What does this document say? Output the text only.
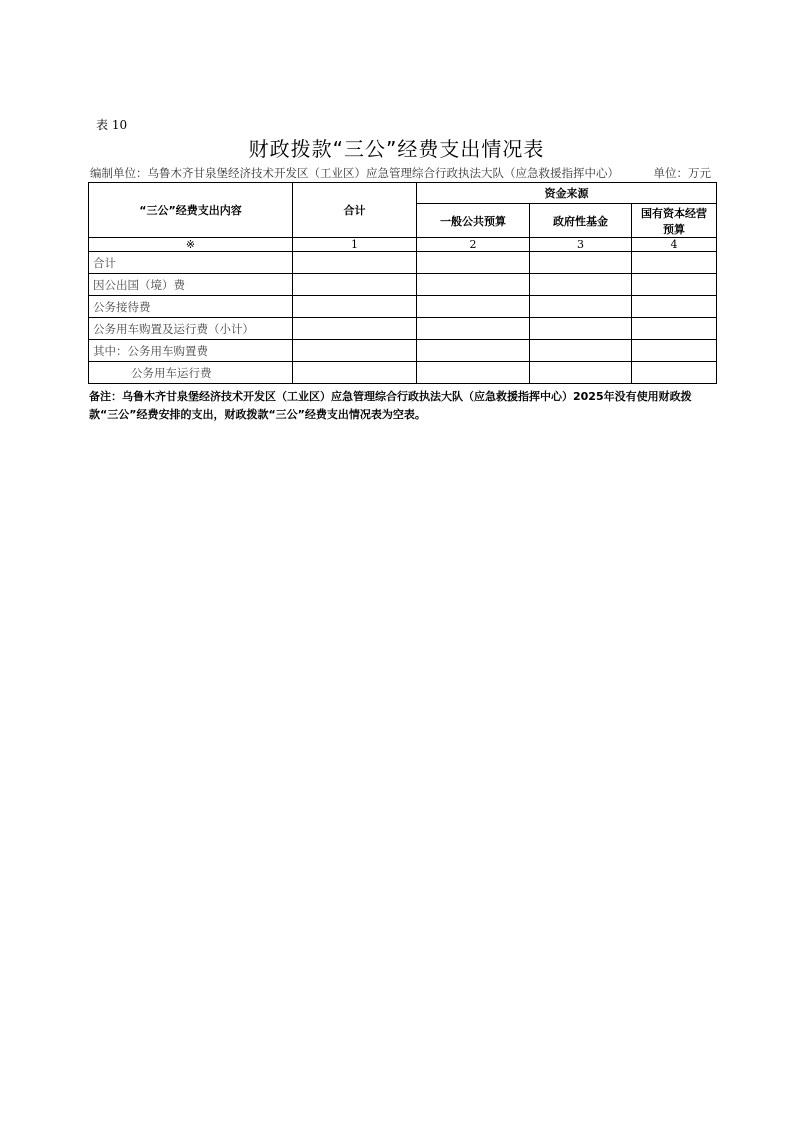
表 10
财政拨款“三公”经费支出情况表
编制单位：乌鲁木齐甘泉堡经济技术开发区（工业区）应急管理综合行政执法大队（应急救援指挥中心）	单位：万元
“三公”经费支出内容	合计	资金来源		
		一般公共预算	政府性基金	国有资本经营预算
※	1	2	3	4
合计				
因公出国（境）费				
公务接待费				
公务用车购置及运行费（小计）				
其中：公务用车购置费				
公务用车运行费				
备注：乌鲁木齐甘泉堡经济技术开发区（工业区）应急管理综合行政执法大队（应急救援指挥中心）2025年没有使用财政拨款“三公”经费安排的支出，财政拨款“三公”经费支出情况表为空表。
